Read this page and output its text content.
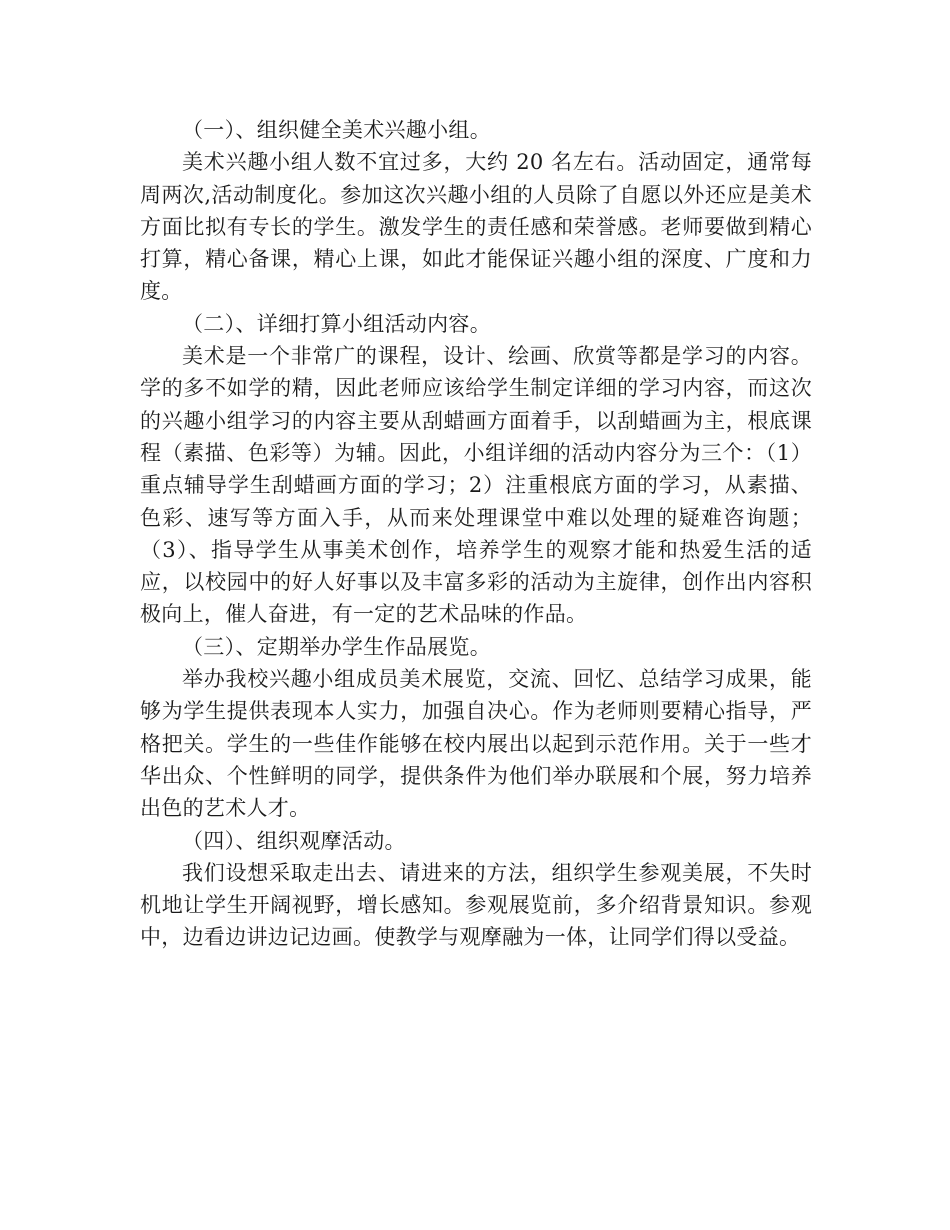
（一）、组织健全美术兴趣小组。

美术兴趣小组人数不宜过多，大约 20 名左右。活动固定，通常每周两次,活动制度化。参加这次兴趣小组的人员除了自愿以外还应是美术方面比拟有专长的学生。激发学生的责任感和荣誉感。老师要做到精心打算，精心备课，精心上课，如此才能保证兴趣小组的深度、广度和力度。

（二）、详细打算小组活动内容。

美术是一个非常广的课程，设计、绘画、欣赏等都是学习的内容。学的多不如学的精，因此老师应该给学生制定详细的学习内容，而这次的兴趣小组学习的内容主要从刮蜡画方面着手，以刮蜡画为主，根底课程（素描、色彩等）为辅。因此，小组详细的活动内容分为三个：（1）重点辅导学生刮蜡画方面的学习；2）注重根底方面的学习，从素描、色彩、速写等方面入手，从而来处理课堂中难以处理的疑难咨询题；（3）、指导学生从事美术创作，培养学生的观察才能和热爱生活的适应，以校园中的好人好事以及丰富多彩的活动为主旋律，创作出内容积极向上，催人奋进，有一定的艺术品味的作品。

（三）、定期举办学生作品展览。

举办我校兴趣小组成员美术展览，交流、回忆、总结学习成果，能够为学生提供表现本人实力，加强自决心。作为老师则要精心指导，严格把关。学生的一些佳作能够在校内展出以起到示范作用。关于一些才华出众、个性鲜明的同学，提供条件为他们举办联展和个展，努力培养出色的艺术人才。

（四）、组织观摩活动。

我们设想采取走出去、请进来的方法，组织学生参观美展，不失时机地让学生开阔视野，增长感知。参观展览前，多介绍背景知识。参观中，边看边讲边记边画。使教学与观摩融为一体，让同学们得以受益。
